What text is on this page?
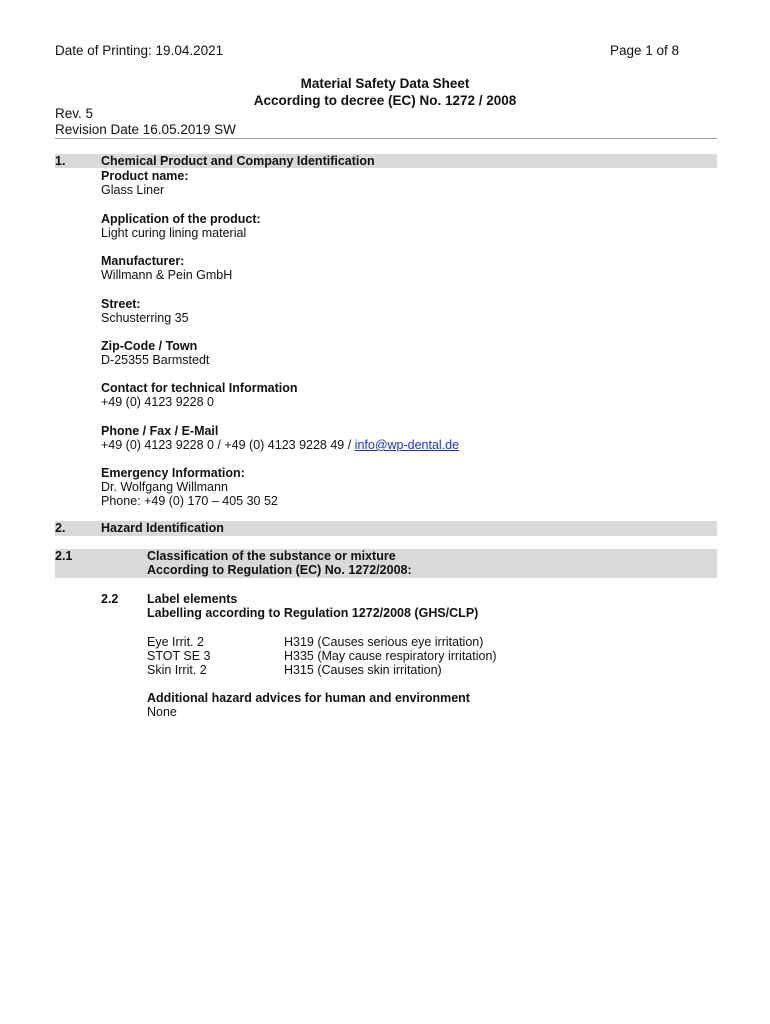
Date of Printing: 19.04.2021	Page 1 of 8
Material Safety Data Sheet
According to decree (EC) No. 1272 / 2008
Rev. 5
Revision Date 16.05.2019 SW
1.	Chemical Product and Company Identification
Product name:
Glass Liner
Application of the product:
Light curing lining material
Manufacturer:
Willmann & Pein GmbH
Street:
Schusterring 35
Zip-Code / Town
D-25355 Barmstedt
Contact for technical Information
+49 (0) 4123 9228 0
Phone / Fax / E-Mail
+49 (0) 4123 9228 0 / +49 (0) 4123 9228 49 / info@wp-dental.de
Emergency Information:
Dr. Wolfgang Willmann
Phone: +49 (0) 170 – 405 30 52
2.	Hazard Identification
2.1	Classification of the substance or mixture
According to Regulation (EC) No. 1272/2008:
2.2 Label elements
Labelling according to Regulation 1272/2008 (GHS/CLP)
Eye Irrit. 2	H319 (Causes serious eye irritation)
STOT SE 3	H335 (May cause respiratory irritation)
Skin Irrit. 2	H315 (Causes skin irritation)
Additional hazard advices for human and environment
None
